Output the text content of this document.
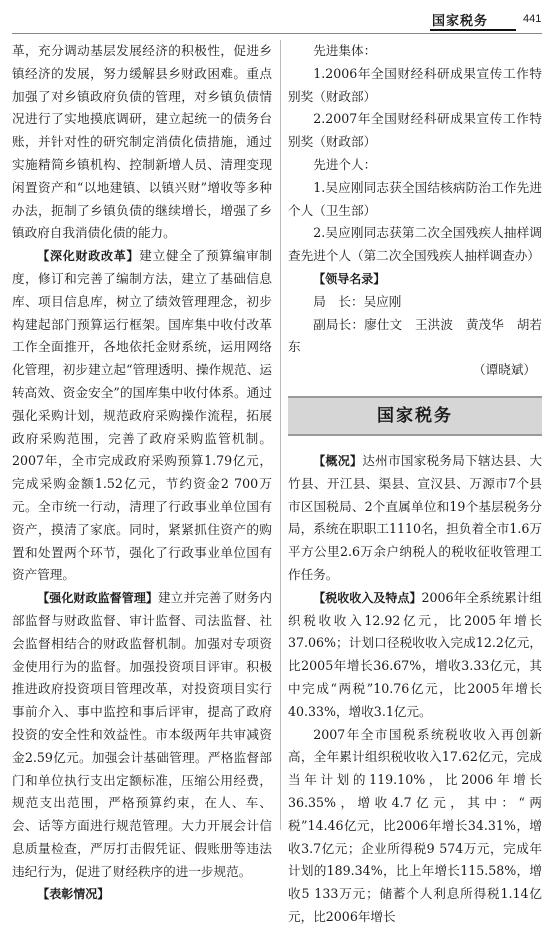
国家税务	441

革，充分调动基层发展经济的积极性，促进乡镇经济的发展，努力缓解县乡财政困难。重点加强了对乡镇政府负债的管理，对乡镇负债情况进行了实地摸底调研，建立起统一的债务台账，并针对性的研究制定消债化债措施，通过实施精简乡镇机构、控制新增人员、清理变现闲置资产和“以地建镇、以镇兴财”增收等多种办法，扼制了乡镇负债的继续增长，增强了乡镇政府自我消债化债的能力。

【深化财政改革】建立健全了预算编审制度，修订和完善了编制方法，建立了基础信息库、项目信息库，树立了绩效管理理念，初步构建起部门预算运行框架。国库集中收付改革工作全面推开，各地依托金财系统，运用网络化管理，初步建立起“管理透明、操作规范、运转高效、资金安全”的国库集中收付体系。通过强化采购计划，规范政府采购操作流程，拓展政府采购范围，完善了政府采购监管机制。2007年，全市完成政府采购预算1.79亿元，完成采购金额1.52亿元，节约资金2 700万元。全市统一行动，清理了行政事业单位国有资产，摸清了家底。同时，紧紧抓住资产的购置和处置两个环节，强化了行政事业单位国有资产管理。

【强化财政监督管理】建立并完善了财务内部监督与财政监督、审计监督、司法监督、社会监督相结合的财政监督机制。加强对专项资金使用行为的监督。加强投资项目评审。积极推进政府投资项目管理改革，对投资项目实行事前介入、事中监控和事后评审，提高了政府投资的安全性和效益性。市本级两年共审减资金2.59亿元。加强会计基础管理。严格监督部门和单位执行支出定额标准，压缩公用经费，规范支出范围，严格预算约束，在人、车、会、话等方面进行规范管理。大力开展会计信息质量检查，严厉打击假凭证、假账册等违法违纪行为，促进了财经秩序的进一步规范。

【表彰情况】

先进集体：

1.2006年全国财经科研成果宣传工作特别奖（财政部）

2.2007年全国财经科研成果宣传工作特别奖（财政部）

先进个人：

1.吴应刚同志获全国结核病防治工作先进个人（卫生部）

2.吴应刚同志获第二次全国残疾人抽样调查先进个人（第二次全国残疾人抽样调查办）

【领导名录】

局　长：吴应刚

副局长：廖仕文　王洪波　黄茂华　胡若东

（谭晓斌）

国家税务

【概况】达州市国家税务局下辖达县、大竹县、开江县、渠县、宣汉县、万源市7个县市区国税局、2个直属单位和19个基层税务分局，系统在职职工1110名，担负着全市1.6万平方公里2.6万余户纳税人的税收征收管理工作任务。

【税收收入及特点】2006年全系统累计组织税收收入12.92亿元，比2005年增长37.06%；计划口径税收收入完成12.2亿元，比2005年增长36.67%，增收3.33亿元，其中完成“两税”10.76亿元，比2005年增长40.33%，增收3.1亿元。

2007年全市国税系统税收收入再创新高，全年累计组织税收收入17.62亿元，完成当年计划的119.10%，比2006年增长36.35%，增收4.7亿元，其中：“两税”14.46亿元，比2006年增长34.31%，增收3.7亿元；企业所得税9 574万元，完成年计划的189.34%，比上年增长115.58%，增收5 133万元；储蓄个人利息所得税1.14亿元，比2006年增长
